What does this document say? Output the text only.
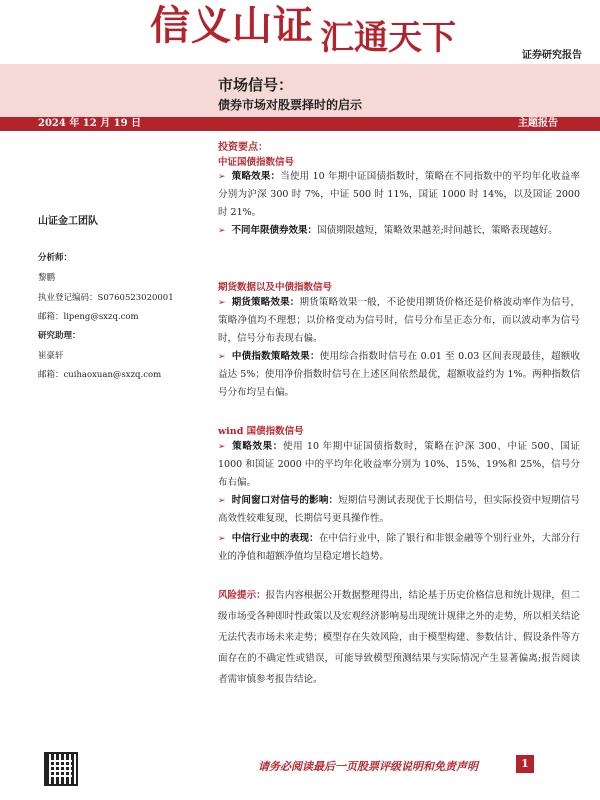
信义山证 汇通天下	证券研究报告
市场信号：
债券市场对股票择时的启示
2024 年 12 月 19 日	主题报告
山证金工团队
分析师：
黎鹏
执业登记编码：S0760523020001
邮箱：lipeng@sxzq.com
研究助理：
崔豪轩
邮箱：cuihaoxuan@sxzq.com
投资要点：
中证国债指数信号
➢ 策略效果：当使用 10 年期中证国债指数时，策略在不同指数中的平均年化收益率分别为沪深 300 时 7%，中证 500 时 11%，国证 1000 时 14%，以及国证 2000 时 21%。
➢ 不同年限债券效果：国债期限越短，策略效果越差;时间越长，策略表现越好。
期货数据以及中债指数信号
➢ 期货策略效果：期货策略效果一般，不论使用期货价格还是价格波动率作为信号，策略净值均不理想；以价格变动为信号时，信号分布呈正态分布，而以波动率为信号时，信号分布表现右偏。
➢ 中债指数策略效果：使用综合指数时信号在 0.01 至 0.03 区间表现最佳，超额收益达 5%；使用净价指数时信号在上述区间依然最优，超额收益约为 1%。两种指数信号分布均呈右偏。
wind 国债指数信号
➢ 策略效果：使用 10 年期中证国债指数时，策略在沪深 300、中证 500、国证 1000 和国证 2000 中的平均年化收益率分别为 10%、15%、19%和 25%，信号分布右偏。
➢ 时间窗口对信号的影响：短期信号测试表现优于长期信号，但实际投资中短期信号高效性较难复现，长期信号更具操作性。
➢ 中信行业中的表现：在中信行业中，除了银行和非银金融等个别行业外，大部分行业的净值和超额净值均呈稳定增长趋势。
风险提示：报告内容根据公开数据整理得出，结论基于历史价格信息和统计规律，但二级市场受各种即时性政策以及宏观经济影响易出现统计规律之外的走势，所以相关结论无法代表市场未来走势；模型存在失效风险，由于模型构建、参数估计、假设条件等方面存在的不确定性或错误，可能导致模型预测结果与实际情况产生显著偏离;报告阅读者需审慎参考报告结论。
请务必阅读最后一页股票评级说明和免责声明	1
